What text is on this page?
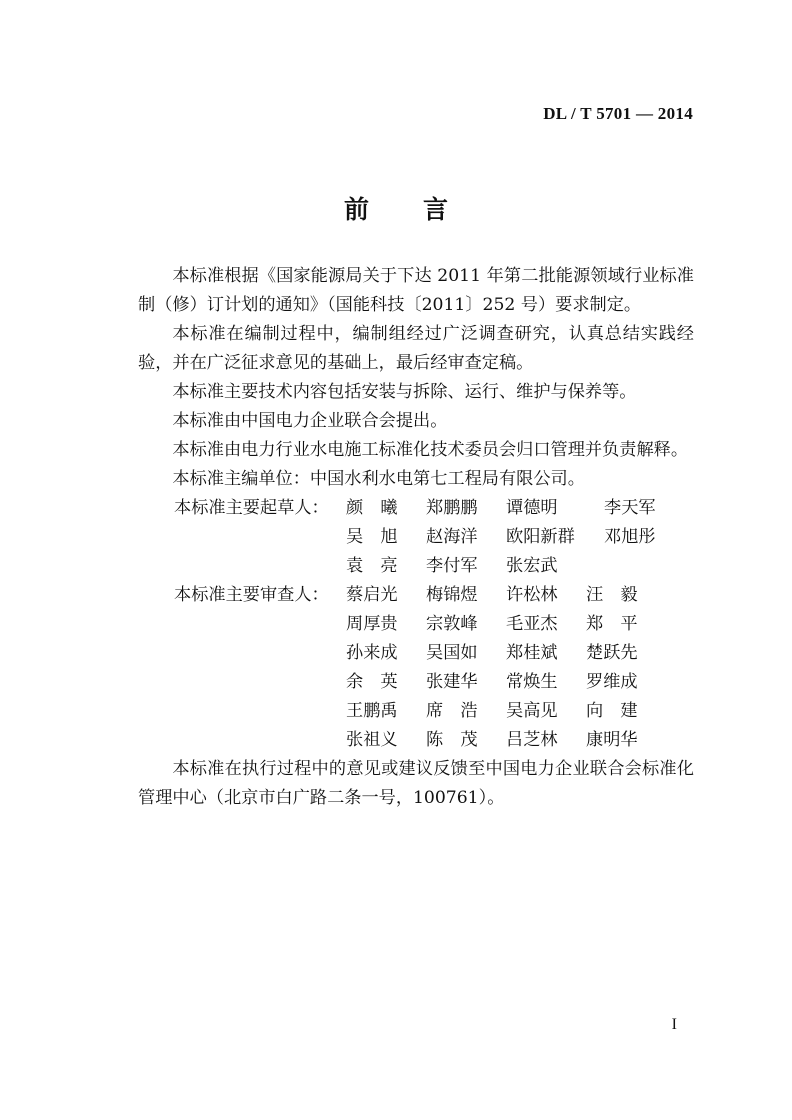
DL / T 5701 — 2014
前 言

本标准根据《国家能源局关于下达 2011 年第二批能源领域行业标准制（修）订计划的通知》（国能科技〔2011〕252 号）要求制定。

本标准在编制过程中，编制组经过广泛调查研究，认真总结实践经验，并在广泛征求意见的基础上，最后经审查定稿。

本标准主要技术内容包括安装与拆除、运行、维护与保养等。

本标准由中国电力企业联合会提出。

本标准由电力行业水电施工标准化技术委员会归口管理并负责解释。

本标准主编单位：中国水利水电第七工程局有限公司。

本标准主要起草人：	颜　曦	郑鹏鹏	谭德明	李天军
吴　旭	赵海洋	欧阳新群	邓旭彤
袁　亮	李付军	张宏武
本标准主要审查人：	蔡启光	梅锦煜	许松林	汪　毅
周厚贵	宗敦峰	毛亚杰	郑　平
孙来成	吴国如	郑桂斌	楚跃先
余　英	张建华	常焕生	罗维成
王鹏禹	席　浩	吴高见	向　建
张祖义	陈　茂	吕芝林	康明华

本标准在执行过程中的意见或建议反馈至中国电力企业联合会标准化管理中心（北京市白广路二条一号，100761）。

I
